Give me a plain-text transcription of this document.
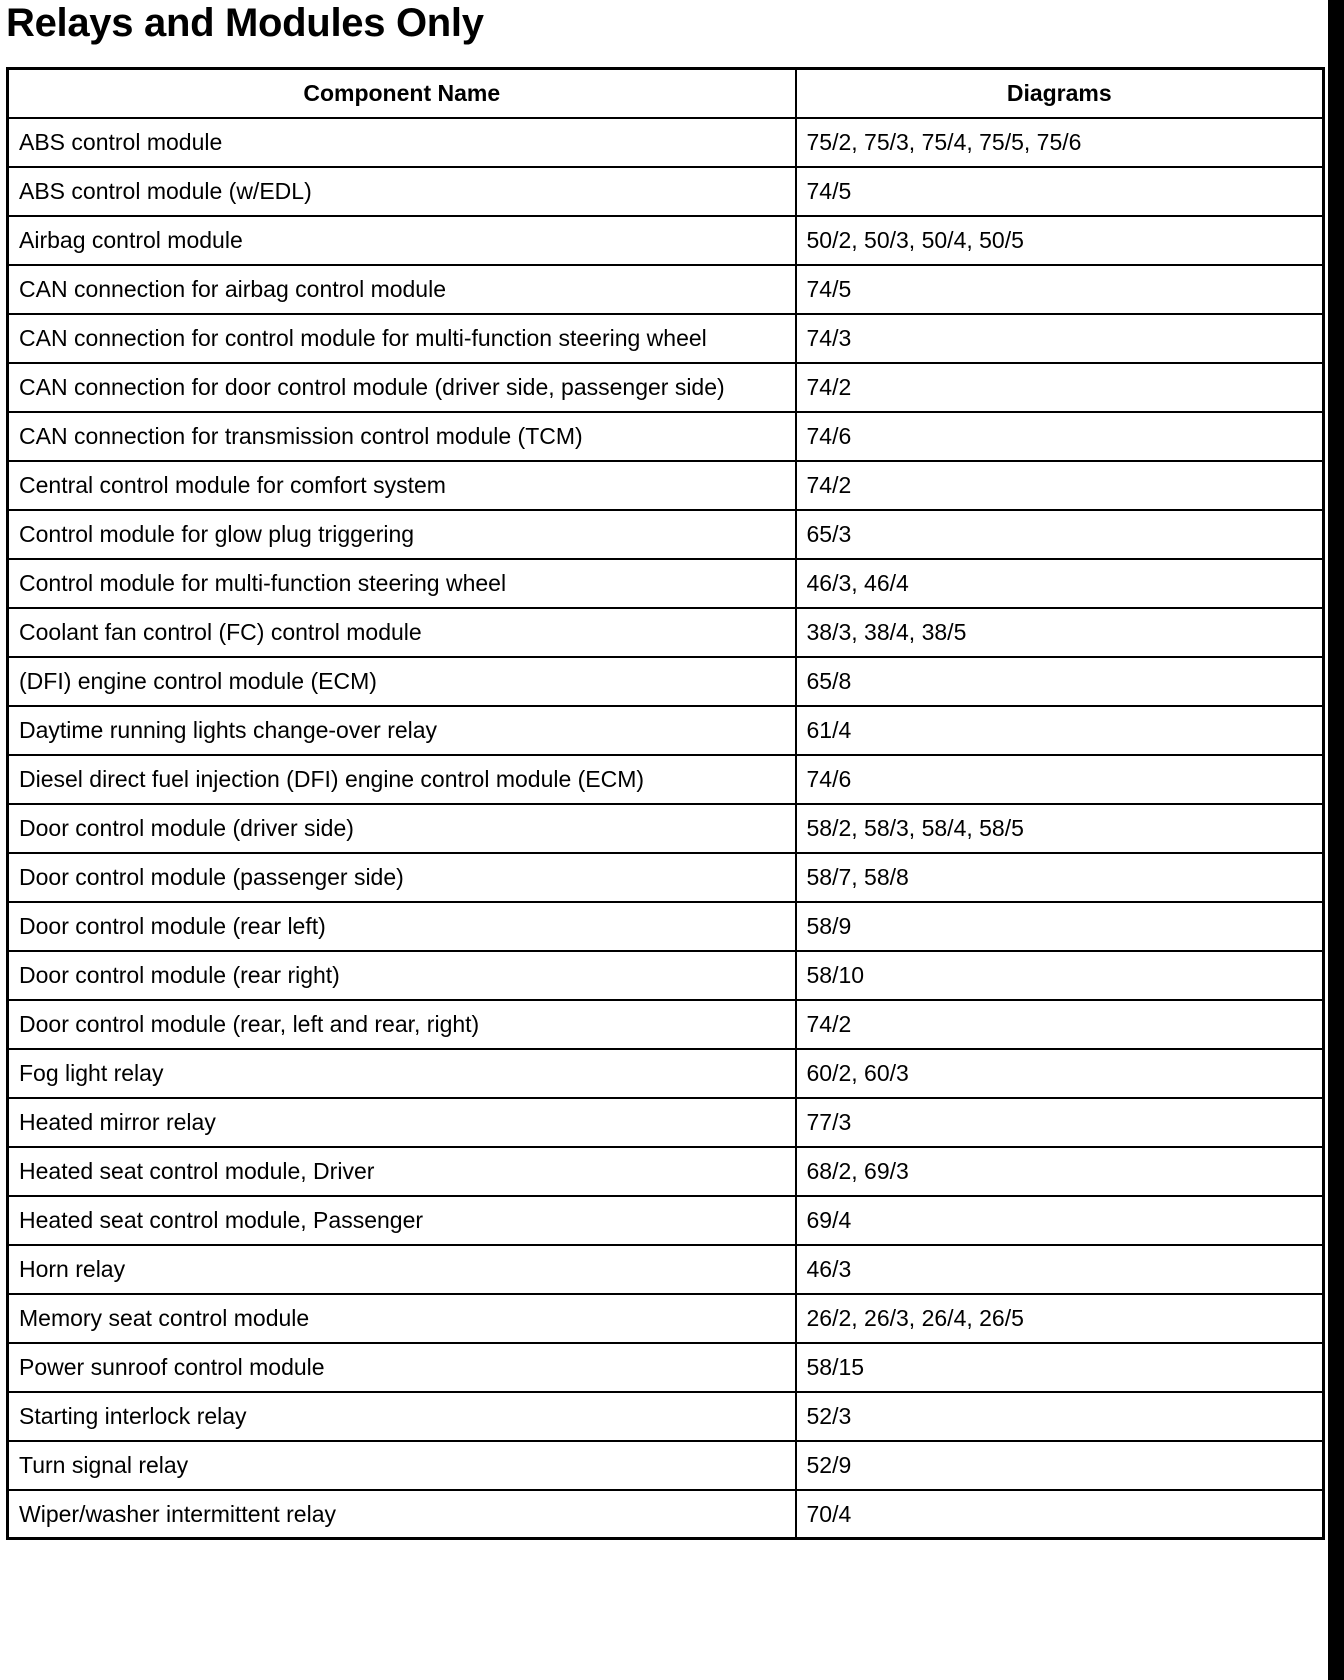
Relays and Modules Only
Component Name	Diagrams
ABS control module	75/2, 75/3, 75/4, 75/5, 75/6
ABS control module (w/EDL)	74/5
Airbag control module	50/2, 50/3, 50/4, 50/5
CAN connection for airbag control module	74/5
CAN connection for control module for multi-function steering wheel	74/3
CAN connection for door control module (driver side, passenger side)	74/2
CAN connection for transmission control module (TCM)	74/6
Central control module for comfort system	74/2
Control module for glow plug triggering	65/3
Control module for multi-function steering wheel	46/3, 46/4
Coolant fan control (FC) control module	38/3, 38/4, 38/5
(DFI) engine control module (ECM)	65/8
Daytime running lights change-over relay	61/4
Diesel direct fuel injection (DFI) engine control module (ECM)	74/6
Door control module (driver side)	58/2, 58/3, 58/4, 58/5
Door control module (passenger side)	58/7, 58/8
Door control module (rear left)	58/9
Door control module (rear right)	58/10
Door control module (rear, left and rear, right)	74/2
Fog light relay	60/2, 60/3
Heated mirror relay	77/3
Heated seat control module, Driver	68/2, 69/3
Heated seat control module, Passenger	69/4
Horn relay	46/3
Memory seat control module	26/2, 26/3, 26/4, 26/5
Power sunroof control module	58/15
Starting interlock relay	52/3
Turn signal relay	52/9
Wiper/washer intermittent relay	70/4
